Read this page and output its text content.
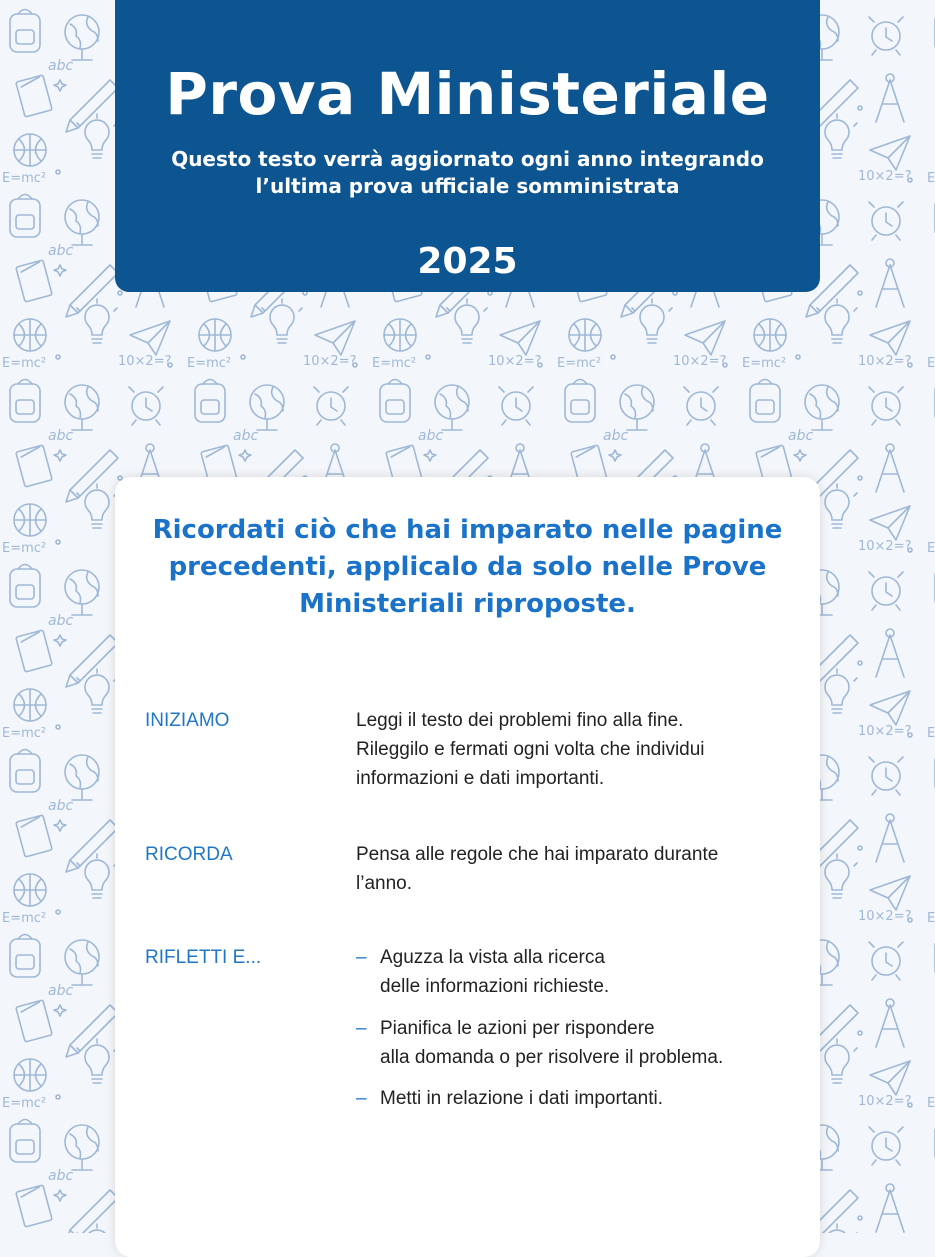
Prova Ministeriale
Questo testo verrà aggiornato ogni anno integrando
l’ultima prova ufficiale somministrata
2025
Ricordati ciò che hai imparato nelle pagine
precedenti, applicalo da solo nelle Prove
Ministeriali riproposte.
INIZIAMO	Leggi il testo dei problemi fino alla fine.
Rileggilo e fermati ogni volta che individui
informazioni e dati importanti.
RICORDA	Pensa alle regole che hai imparato durante
l’anno.
RIFLETTI E...	– Aguzza la vista alla ricerca
delle informazioni richieste.
– Pianifica le azioni per rispondere
alla domanda o per risolvere il problema.
– Metti in relazione i dati importanti.
